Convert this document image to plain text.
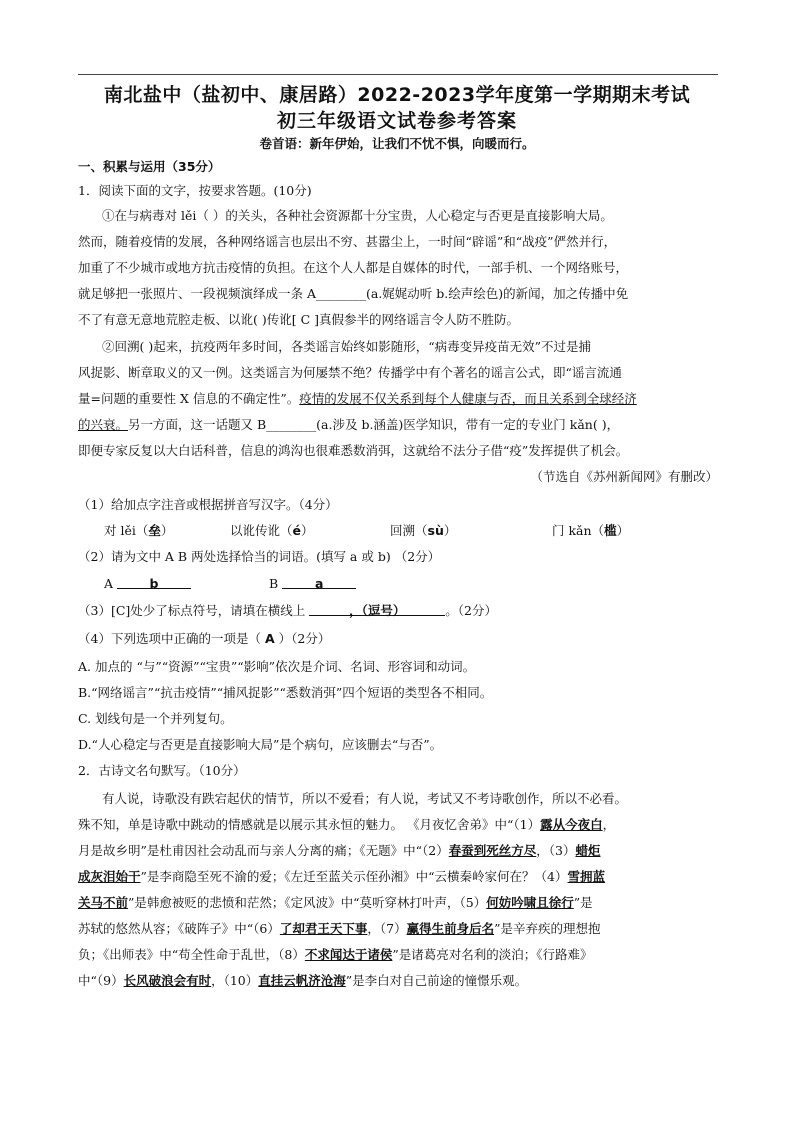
南北盐中（盐初中、康居路）2022-2023学年度第一学期期末考试
初三年级语文试卷参考答案
卷首语：新年伊始，让我们不忧不惧，向暖而行。
一、积累与运用（35分）
1．阅读下面的文字，按要求答题。(10分)
①在与病毒对 lěi（ ）的关头，各种社会资源都十分宝贵，人心稳定与否更是直接影响大局。
然而，随着疫情的发展，各种网络谣言也层出不穷、甚嚣尘上，一时间“辟谣”和“战疫”俨然并行，
加重了不少城市或地方抗击疫情的负担。在这个人人都是自媒体的时代，一部手机、一个网络账号，
就足够把一张照片、一段视频演绎成一条 A________(a.娓娓动听 b.绘声绘色)的新闻，加之传播中免
不了有意无意地荒腔走板、以讹( )传讹[ C ]真假参半的网络谣言令人防不胜防。
②回溯( )起来，抗疫两年多时间，各类谣言始终如影随形，“病毒变异疫苗无效”不过是捕
风捉影、断章取义的又一例。这类谣言为何屡禁不绝？传播学中有个著名的谣言公式，即“谣言流通
量=问题的重要性 X 信息的不确定性”。疫情的发展不仅关系到每个人健康与否，而且关系到全球经济
的兴衰。另一方面，这一话题又 B________(a.涉及 b.涵盖)医学知识，带有一定的专业门 kǎn( )，
即便专家反复以大白话科普，信息的鸿沟也很难悉数消弭，这就给不法分子借“疫”发挥提供了机会。
（节选自《苏州新闻网》有删改）
（1）给加点字注音或根据拼音写汉字。（4分）
对 lěi（垒）	以讹传讹（é）	回溯（sù）	门 kǎn（槛）
（2）请为文中 A B 两处选择恰当的词语。(填写 a 或 b) （2分）
A	b	B	a
（3）[C]处少了标点符号，请填在横线上	，（逗号）	。（2分）
（4）下列选项中正确的一项是（ A ）（2分）
A. 加点的 “与”“资源”“宝贵”“影响”依次是介词、名词、形容词和动词。
B.“网络谣言”“抗击疫情”“捕风捉影”“悉数消弭”四个短语的类型各不相同。
C. 划线句是一个并列复句。
D.“人心稳定与否更是直接影响大局”是个病句，应该删去“与否”。
2．古诗文名句默写。（10分）
有人说，诗歌没有跌宕起伏的情节，所以不爱看；有人说，考试又不考诗歌创作，所以不必看。
殊不知，单是诗歌中跳动的情感就是以展示其永恒的魅力。 《月夜忆舍弟》中“（1）露从今夜白，
月是故乡明”是杜甫因社会动乱而与亲人分离的痛；《无题》中“（2）春蚕到死丝方尽，（3）蜡炬
成灰泪始干”是李商隐至死不渝的爱；《左迁至蓝关示侄孙湘》中“云横秦岭家何在？（4）雪拥蓝
关马不前”是韩愈被贬的悲愤和茫然；《定风波》中“莫听穿林打叶声，（5）何妨吟啸且徐行”是
苏轼的悠然从容；《破阵子》中“（6）了却君王天下事，（7）赢得生前身后名”是辛弃疾的理想抱
负；《出师表》中“苟全性命于乱世，（8）不求闻达于诸侯”是诸葛亮对名利的淡泊；《行路难》
中“（9）长风破浪会有时，（10）直挂云帆济沧海”是李白对自己前途的憧憬乐观。
